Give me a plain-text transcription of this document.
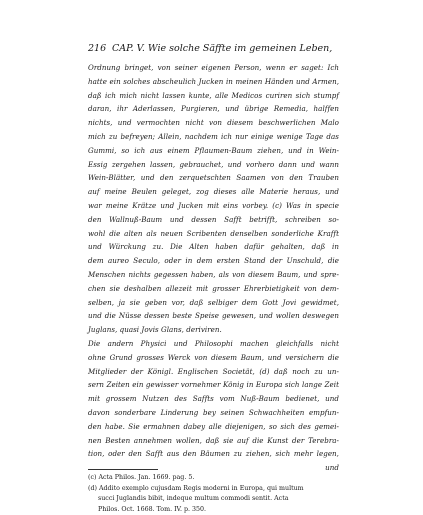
216 CAP. V. Wie solche Säffte im gemeinen Leben,
Ordnung bringet, von seiner eigenen Person, wenn er saget: Ich
hatte ein solches abscheulich Jucken in meinen Händen und Armen,
daß ich mich nicht lassen kunte, alle Medicos curiren sich stumpf
daran, ihr Aderlassen, Purgieren, und übrige Remedia, halffen
nichts, und vermochten nicht von diesem beschwerlichen Malo
mich zu befreyen; Allein, nachdem ich nur einige wenige Tage das
Gummi, so ich aus einem Pflaumen-Baum ziehen, und in Wein-
Essig zergehen lassen, gebrauchet, und vorhero dann und wann
Wein-Blätter, und den zerquetschten Saamen von den Trauben
auf meine Beulen geleget, zog dieses alle Materie heraus, und
war meine Krätze und Jucken mit eins vorbey. (c) Was in specie
den Wallnuß-Baum und dessen Safft betrifft, schreiben so-
wohl die alten als neuen Scribenten denselben sonderliche Krafft
und Würckung zu. Die Alten haben dafür gehalten, daß in
dem aureo Seculo, oder in dem ersten Stand der Unschuld, die
Menschen nichts gegessen haben, als von diesem Baum, und spre-
chen sie deshalben allezeit mit grosser Ehrerbietigkeit von dem-
selben, ja sie geben vor, daß selbiger dem Gott Jovi gewidmet,
und die Nüsse dessen beste Speise gewesen, und wollen deswegen
Juglans, quasi Jovis Glans, deriviren.
Die andern Physici und Philosophi machen gleichfalls nicht
ohne Grund grosses Werck von diesem Baum, und versichern die
Mitglieder der Königl. Englischen Societät, (d) daß noch zu un-
sern Zeiten ein gewisser vornehmer König in Europa sich lange Zeit
mit grossem Nutzen des Saffts vom Nuß-Baum bedienet, und
davon sonderbare Linderung bey seinen Schwachheiten empfun-
den habe. Sie ermahnen dabey alle diejenigen, so sich des gemei-
nen Besten annehmen wollen, daß sie auf die Kunst der Terebra-
tion, oder den Safft aus den Bäumen zu ziehen, sich mehr legen,
und
(c) Acta Philos. Jan. 1669. pag. 5.
(d) Addito exemplo cujusdam Regis moderni in Europa, qui multum
succi Juglandis bibit, indeque multum commodi sentit. Acta
Philos. Oct. 1668. Tom. IV. p. 350.
